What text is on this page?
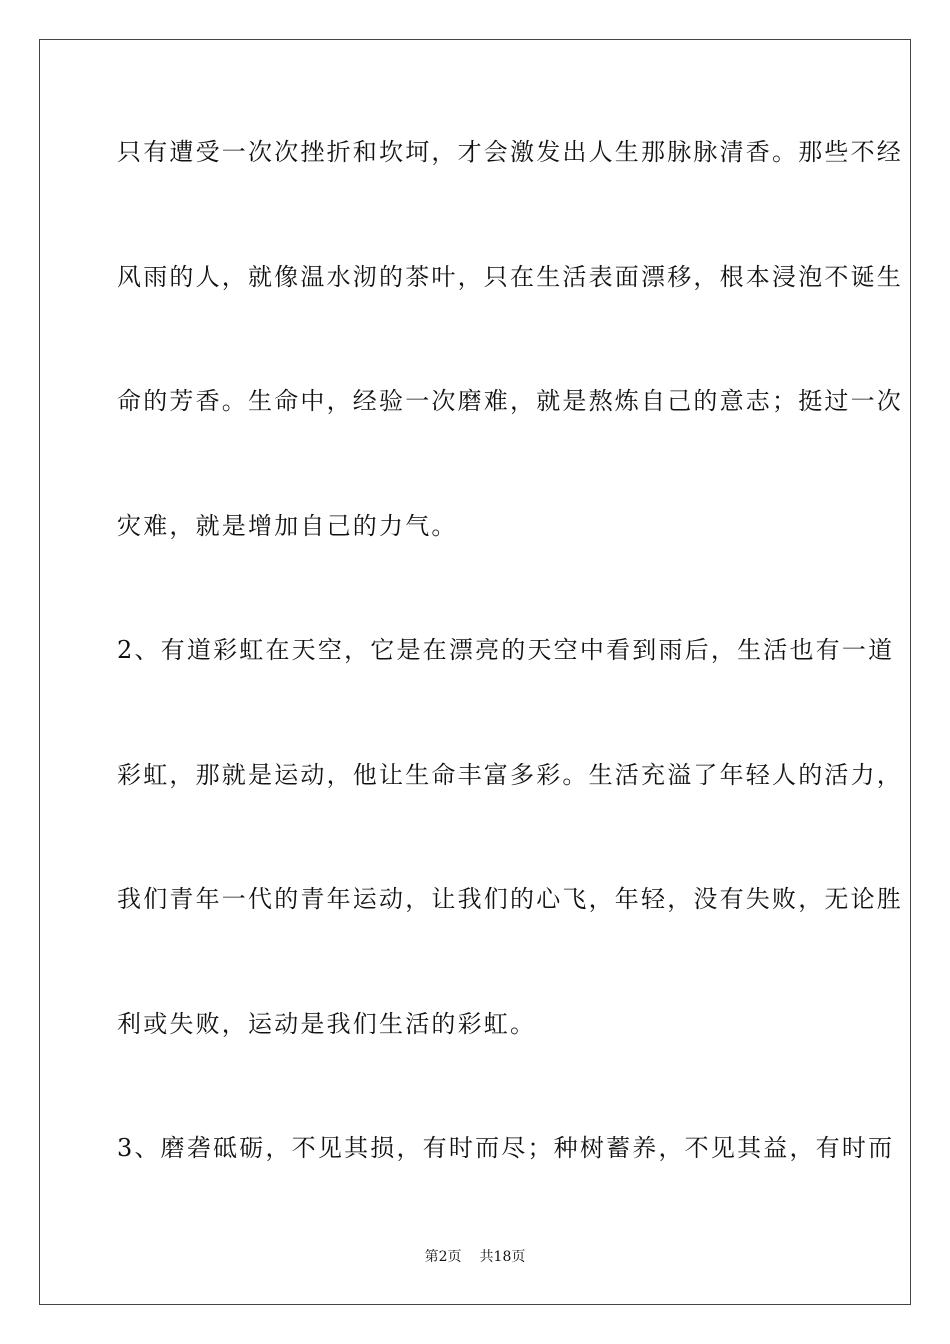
只有遭受一次次挫折和坎坷，才会激发出人生那脉脉清香。那些不经
风雨的人，就像温水沏的茶叶，只在生活表面漂移，根本浸泡不诞生
命的芳香。生命中，经验一次磨难，就是熬炼自己的意志；挺过一次
灾难，就是增加自己的力气。
2、有道彩虹在天空，它是在漂亮的天空中看到雨后，生活也有一道
彩虹，那就是运动，他让生命丰富多彩。生活充溢了年轻人的活力，
我们青年一代的青年运动，让我们的心飞，年轻，没有失败，无论胜
利或失败，运动是我们生活的彩虹。
3、磨砻砥砺，不见其损，有时而尽；种树蓄养，不见其益，有时而
第2页 共18页
